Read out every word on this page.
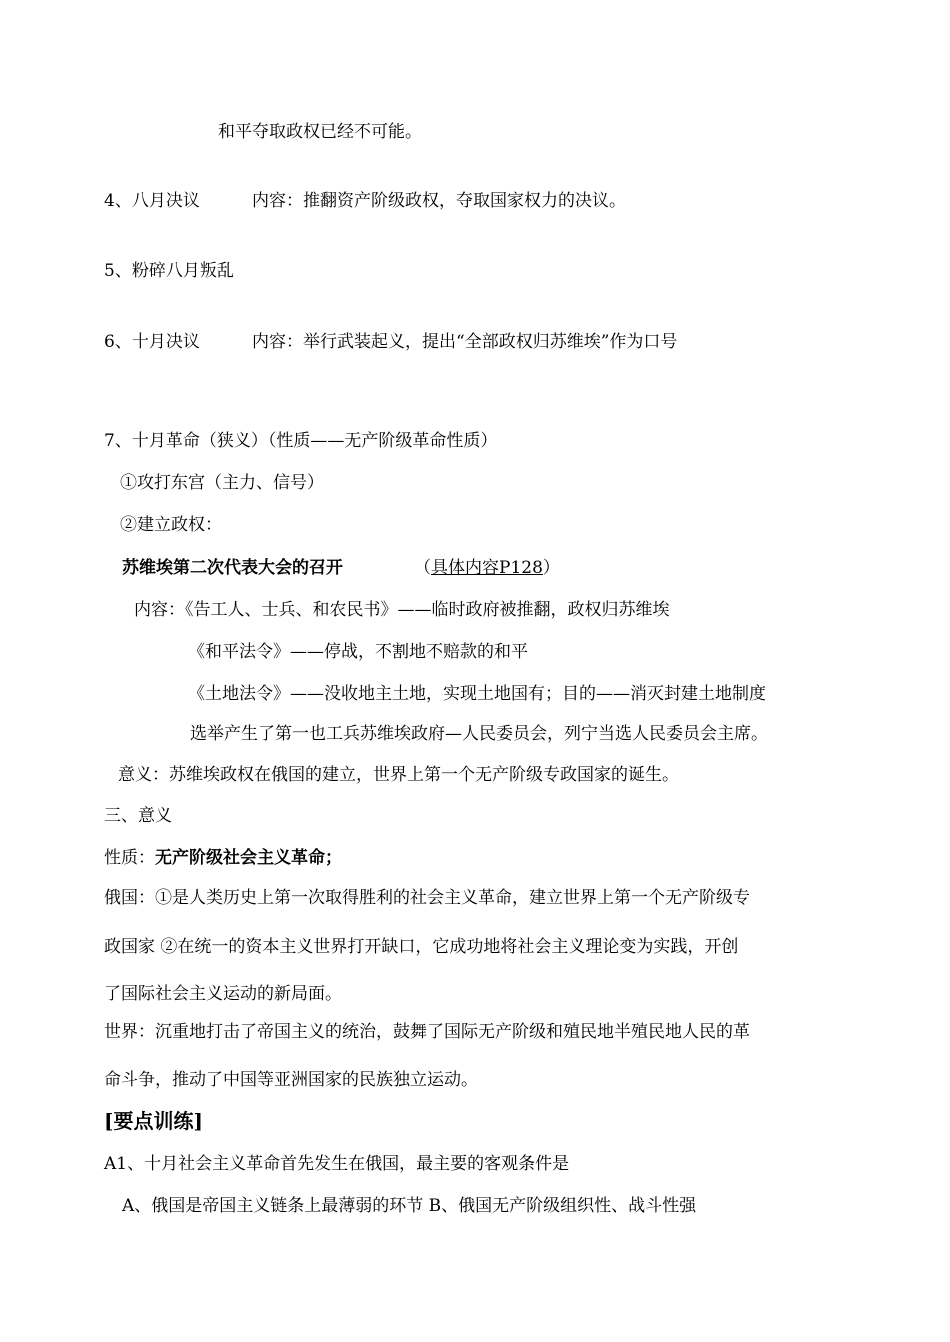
和平夺取政权已经不可能。
4、八月决议	内容：推翻资产阶级政权，夺取国家权力的决议。
5、粉碎八月叛乱
6、十月决议	内容：举行武装起义，提出“全部政权归苏维埃”作为口号
7、十月革命（狭义）（性质——无产阶级革命性质）
①攻打东宫（主力、信号）
②建立政权：
苏维埃第二次代表大会的召开	（具体内容P128）
内容：《告工人、士兵、和农民书》——临时政府被推翻，政权归苏维埃
《和平法令》——停战，不割地不赔款的和平
《土地法令》——没收地主土地，实现土地国有；目的——消灭封建土地制度
选举产生了第一也工兵苏维埃政府—人民委员会，列宁当选人民委员会主席。
意义：苏维埃政权在俄国的建立，世界上第一个无产阶级专政国家的诞生。
三、意义
性质：无产阶级社会主义革命；
俄国：①是人类历史上第一次取得胜利的社会主义革命，建立世界上第一个无产阶级专
政国家 ②在统一的资本主义世界打开缺口，它成功地将社会主义理论变为实践，开创
了国际社会主义运动的新局面。
世界：沉重地打击了帝国主义的统治，鼓舞了国际无产阶级和殖民地半殖民地人民的革
命斗争，推动了中国等亚洲国家的民族独立运动。
[要点训练]
A1、十月社会主义革命首先发生在俄国，最主要的客观条件是
A、俄国是帝国主义链条上最薄弱的环节 B、俄国无产阶级组织性、战斗性强
